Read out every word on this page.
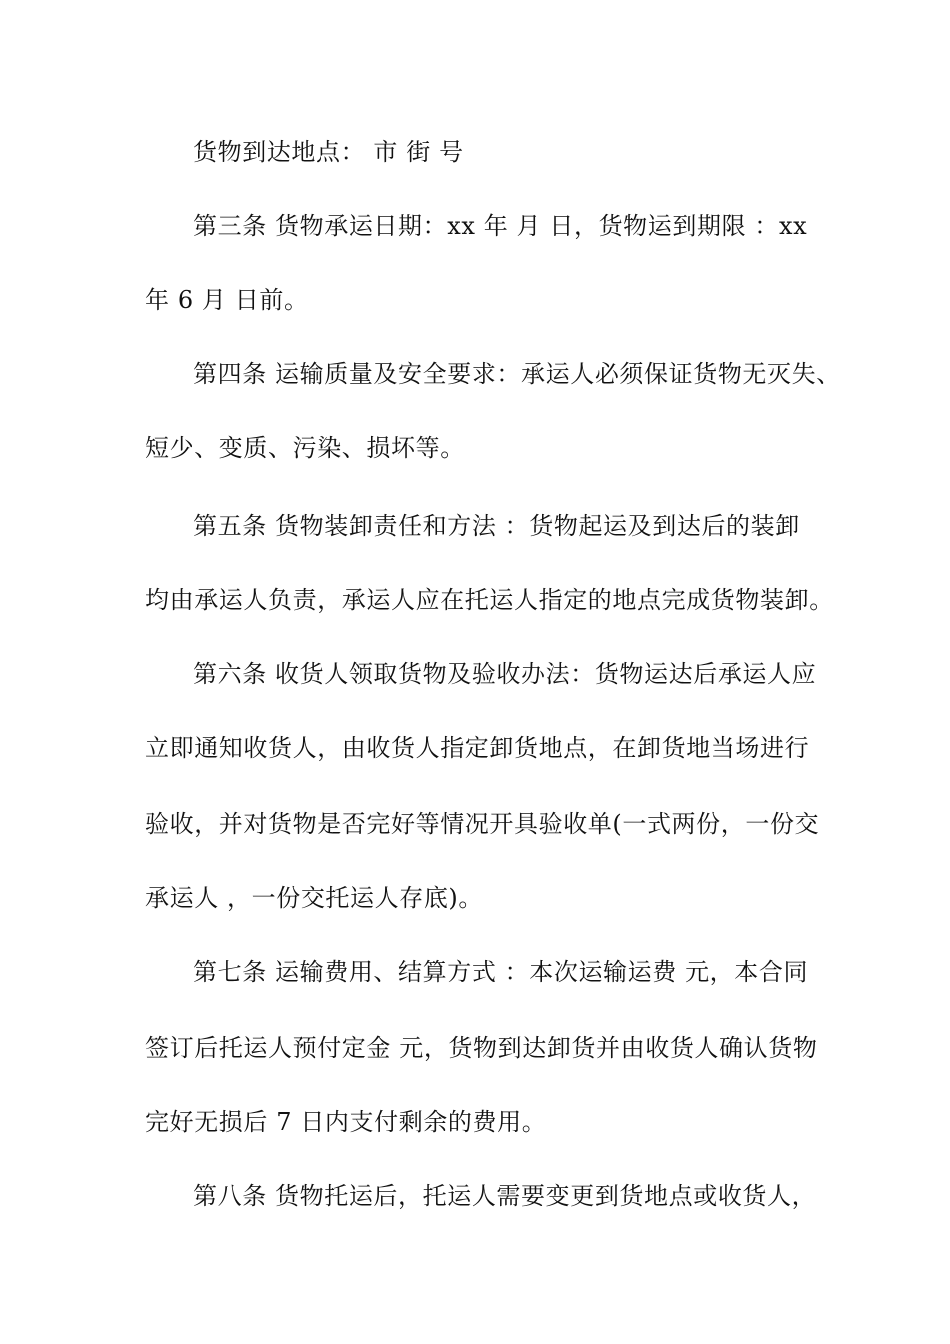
货物到达地点： 市 街 号
第三条 货物承运日期：xx 年 月 日，货物运到期限 ：xx
年 6 月 日前。
第四条 运输质量及安全要求：承运人必须保证货物无灭失、
短少、变质、污染、损坏等。
第五条 货物装卸责任和方法 ：货物起运及到达后的装卸
均由承运人负责，承运人应在托运人指定的地点完成货物装卸。
第六条 收货人领取货物及验收办法：货物运达后承运人应
立即通知收货人，由收货人指定卸货地点，在卸货地当场进行
验收，并对货物是否完好等情况开具验收单(一式两份，一份交
承运人 ，一份交托运人存底)。
第七条 运输费用、结算方式 ：本次运输运费 元，本合同
签订后托运人预付定金 元，货物到达卸货并由收货人确认货物
完好无损后 7 日内支付剩余的费用。
第八条 货物托运后，托运人需要变更到货地点或收货人，
